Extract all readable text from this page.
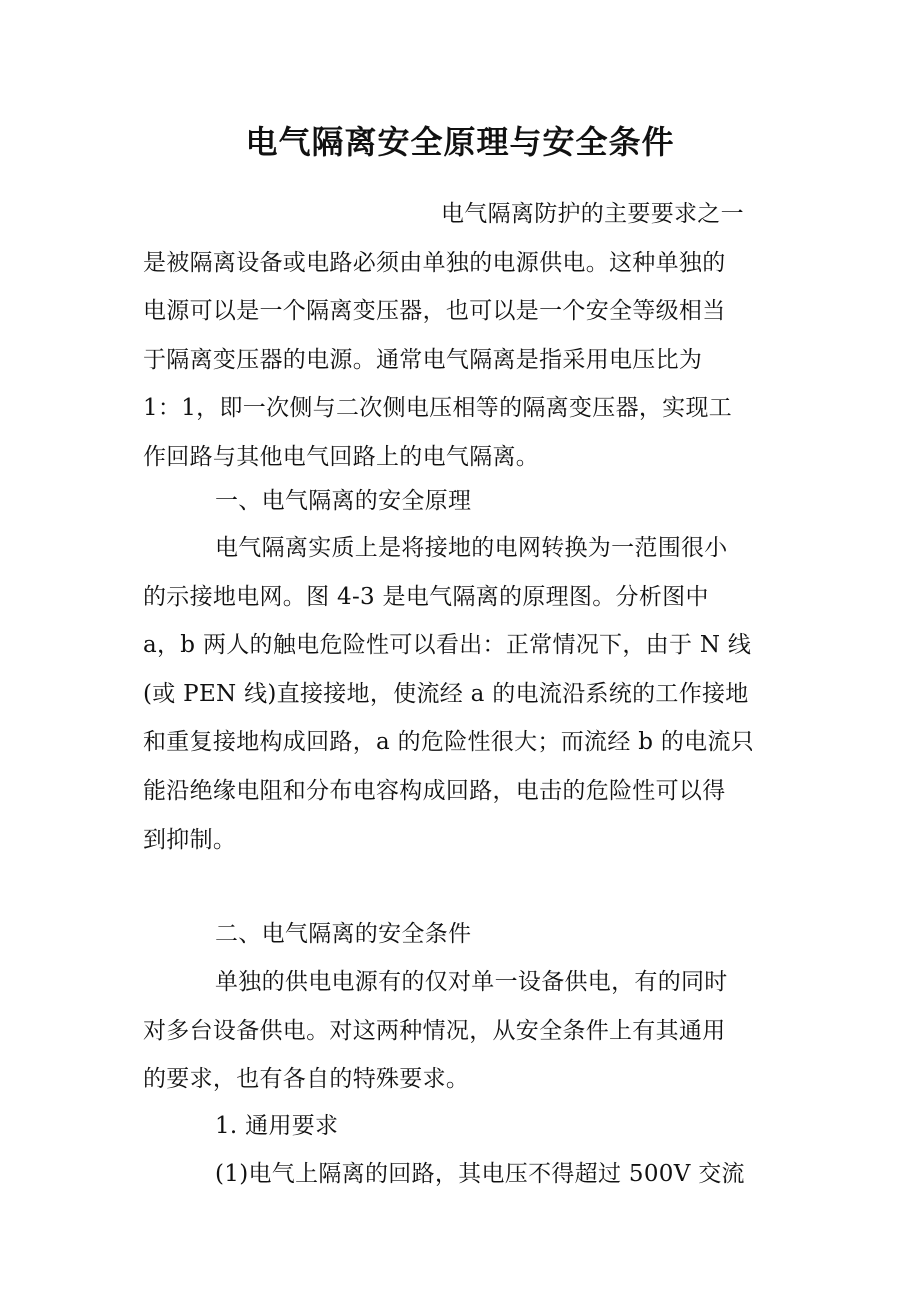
电气隔离安全原理与安全条件
电气隔离防护的主要要求之一
是被隔离设备或电路必须由单独的电源供电。这种单独的
电源可以是一个隔离变压器，也可以是一个安全等级相当
于隔离变压器的电源。通常电气隔离是指采用电压比为
1：1，即一次侧与二次侧电压相等的隔离变压器，实现工
作回路与其他电气回路上的电气隔离。
一、电气隔离的安全原理
电气隔离实质上是将接地的电网转换为一范围很小
的示接地电网。图 4-3 是电气隔离的原理图。分析图中
a，b 两人的触电危险性可以看出：正常情况下，由于 N 线
(或 PEN 线)直接接地，使流经 a 的电流沿系统的工作接地
和重复接地构成回路，a 的危险性很大；而流经 b 的电流只
能沿绝缘电阻和分布电容构成回路，电击的危险性可以得
到抑制。
二、电气隔离的安全条件
单独的供电电源有的仅对单一设备供电，有的同时
对多台设备供电。对这两种情况，从安全条件上有其通用
的要求，也有各自的特殊要求。
1. 通用要求
(1)电气上隔离的回路，其电压不得超过 500V 交流
